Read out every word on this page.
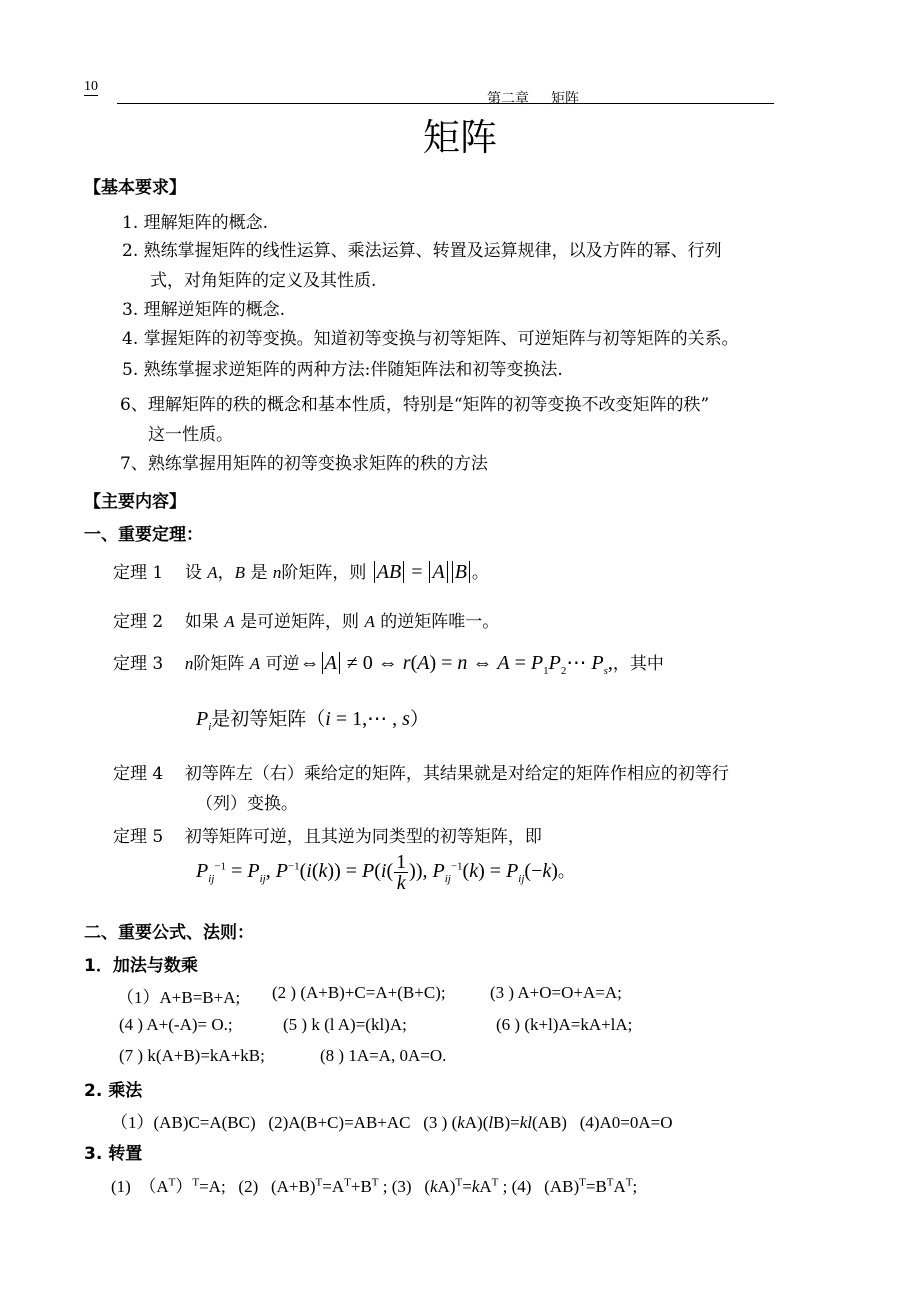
10
第二章 矩阵
矩阵
【基本要求】
1. 理解矩阵的概念.
2. 熟练掌握矩阵的线性运算、乘法运算、转置及运算规律，以及方阵的幂、行列
式，对角矩阵的定义及其性质.
3. 理解逆矩阵的概念.
4. 掌握矩阵的初等变换。知道初等变换与初等矩阵、可逆矩阵与初等矩阵的关系。
5. 熟练掌握求逆矩阵的两种方法:伴随矩阵法和初等变换法.
6、理解矩阵的秩的概念和基本性质，特别是“矩阵的初等变换不改变矩阵的秩”
这一性质。
7、熟练掌握用矩阵的初等变换求矩阵的秩的方法
【主要内容】
一、重要定理：
定理 1 设 A，B 是 n阶矩阵，则 AB = A B 。
定理 2 如果 A 是可逆矩阵，则 A 的逆矩阵唯一。
定理 3 n阶矩阵 A 可逆⇔ A ≠ 0 ⇔ r(A) = n ⇔ $A = P_1P_2\cdots$ $P_s$,，其中
$P_i$是初等矩阵（i = 1,⋯ , s）
定理 4 初等阵左（右）乘给定的矩阵，其结果就是对给定的矩阵作相应的初等行
（列）变换。
定理 5 初等矩阵可逆，且其逆为同类型的初等矩阵，即
$P_{ij}^{-1} = P_{ij}$, $P^{-1}(i(k)) = P(i( \frac{1}{k}$ )), $P_{ij}^{-1}(k) = P_{ij}(-k)$。
二、重要公式、法则：
1．加法与数乘
（1）A+B=B+A; (2 ) (A+B)+C=A+(B+C);	(3 ) A+O=O+A=A;
(4 ) A+(-A)= O.;	(5 ) k (l A)=(kl)A;	(6 ) (k+l)A=kA+lA;
(7 ) k(A+B)=kA+kB;	(8 ) 1A=A, 0A=O.
2. 乘法
（1）(AB)C=A(BC) (2)A(B+C)=AB+AC (3 ) (kA)(lB)=kl(AB) (4)A0=0A=O
3. 转置
(1)  $(A^T)^T=A$;   (2)   $(A+B)^T=A^T+B^T$ ; (3)   $(kA)^T=kA^T$ ; (4)   $(AB)^T=B^TA^T$;
